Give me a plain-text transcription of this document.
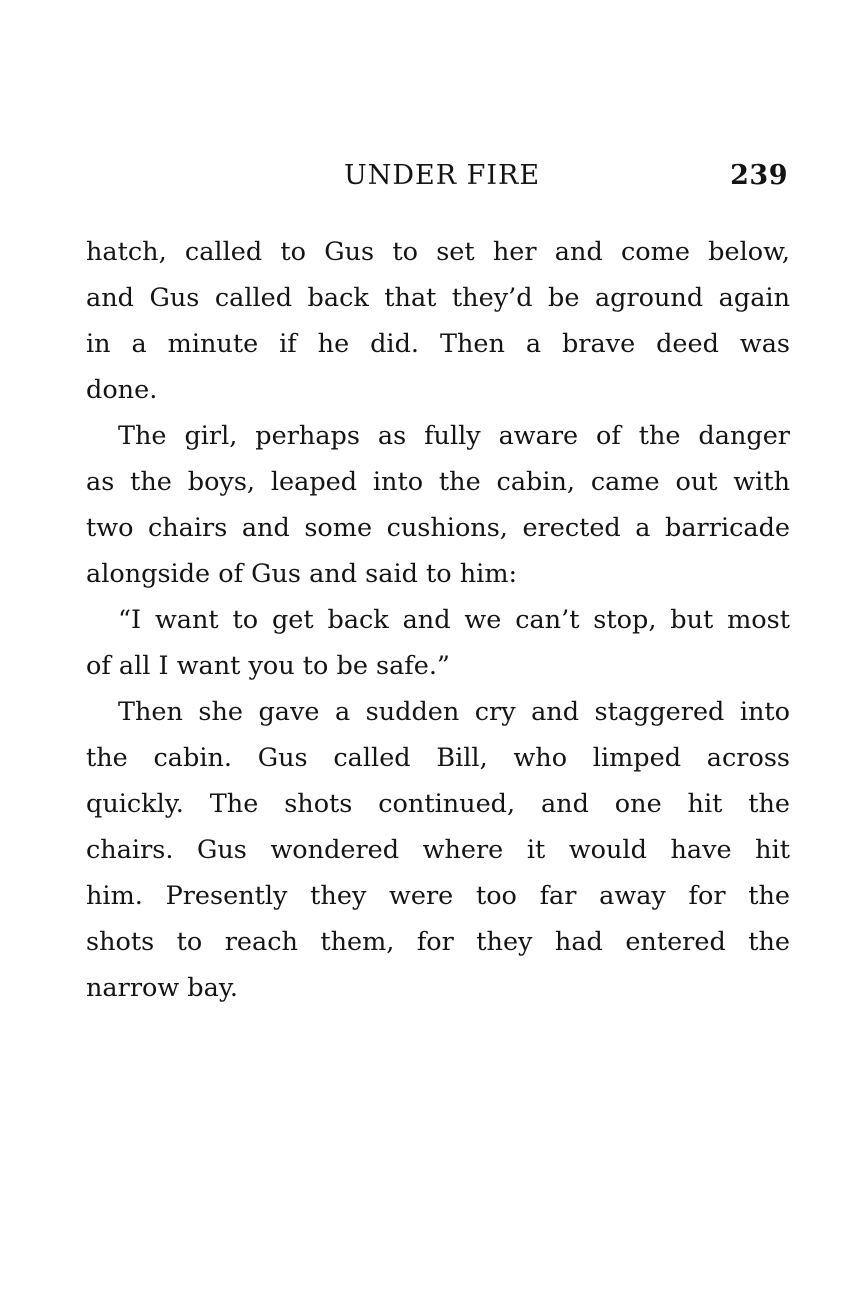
UNDER FIRE	239
hatch, called to Gus to set her and come below,
and Gus called back that they’d be aground again
in a minute if he did. Then a brave deed was
done.
The girl, perhaps as fully aware of the danger
as the boys, leaped into the cabin, came out with
two chairs and some cushions, erected a barricade
alongside of Gus and said to him:
“I want to get back and we can’t stop, but most
of all I want you to be safe.”
Then she gave a sudden cry and staggered into
the cabin. Gus called Bill, who limped across
quickly. The shots continued, and one hit the
chairs. Gus wondered where it would have hit
him. Presently they were too far away for the
shots to reach them, for they had entered the
narrow bay.
